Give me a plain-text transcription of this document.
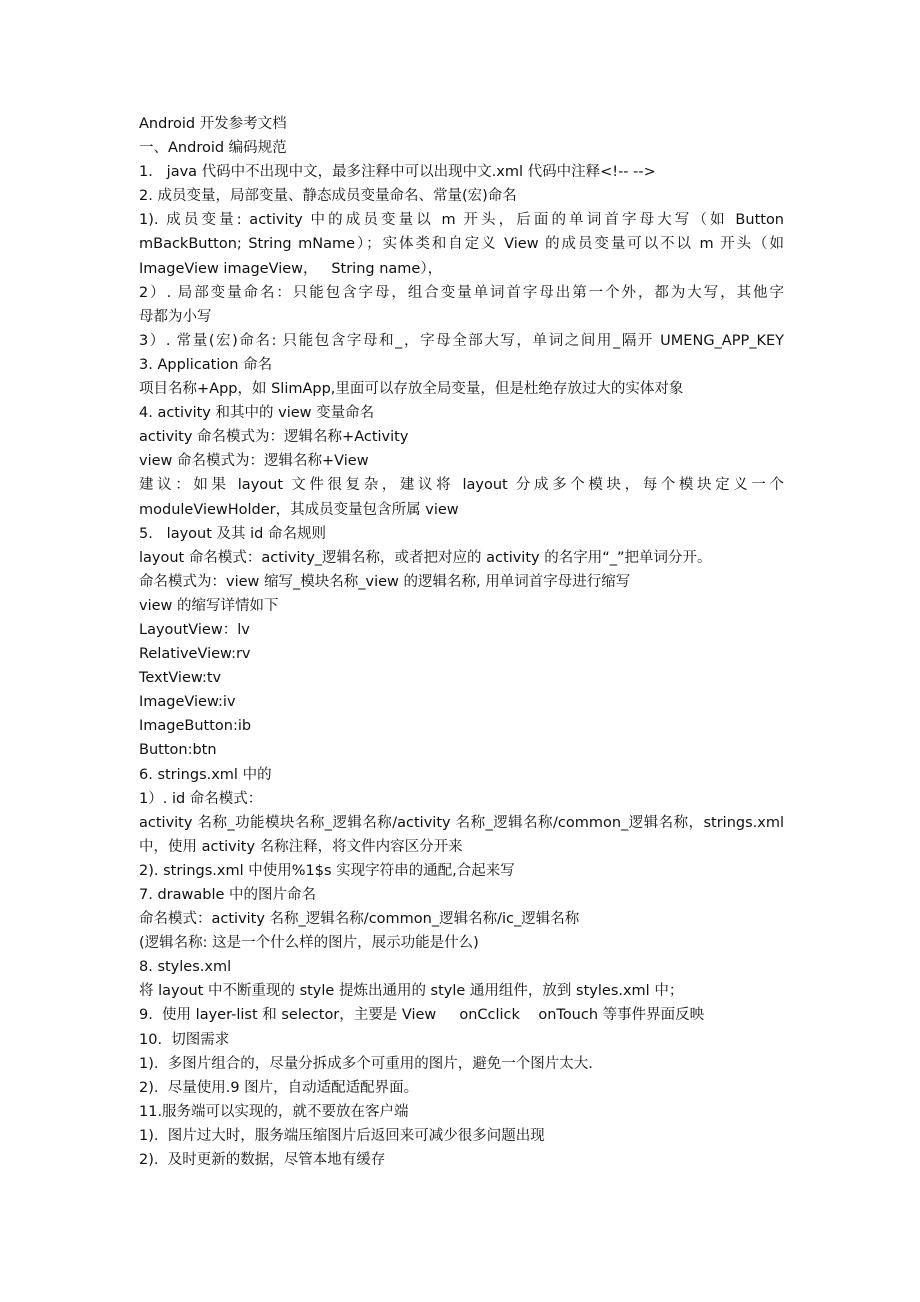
Android 开发参考文档
一、Android 编码规范
1.   java 代码中不出现中文，最多注释中可以出现中文.xml 代码中注释<!-- -->
2. 成员变量，局部变量、静态成员变量命名、常量(宏)命名
1). 成员变量: activity 中的成员变量以 m 开头，后面的单词首字母大写（如 Button
mBackButton; String mName）；实体类和自定义 View 的成员变量可以不以 m 开头（如
ImageView imageView，   String name），
2）. 局部变量命名：只能包含字母，组合变量单词首字母出第一个外，都为大写，其他字
母都为小写
3）. 常量(宏)命名: 只能包含字母和_，字母全部大写，单词之间用_隔开 UMENG_APP_KEY
3. Application 命名
项目名称+App，如 SlimApp,里面可以存放全局变量，但是杜绝存放过大的实体对象
4. activity 和其中的 view 变量命名
activity 命名模式为：逻辑名称+Activity
view 命名模式为：逻辑名称+View
建议：如果 layout 文件很复杂，建议将 layout 分成多个模块，每个模块定义一个
moduleViewHolder，其成员变量包含所属 view
5.   layout 及其 id 命名规则
layout 命名模式：activity_逻辑名称，或者把对应的 activity 的名字用“_”把单词分开。
命名模式为：view 缩写_模块名称_view 的逻辑名称, 用单词首字母进行缩写
view 的缩写详情如下
LayoutView：lv
RelativeView:rv
TextView:tv
ImageView:iv
ImageButton:ib
Button:btn
6. strings.xml 中的
1）. id 命名模式：
activity 名称_功能模块名称_逻辑名称/activity 名称_逻辑名称/common_逻辑名称，strings.xml
中，使用 activity 名称注释，将文件内容区分开来
2). strings.xml 中使用%1$s 实现字符串的通配,合起来写
7. drawable 中的图片命名
命名模式：activity 名称_逻辑名称/common_逻辑名称/ic_逻辑名称
(逻辑名称: 这是一个什么样的图片，展示功能是什么)
8. styles.xml
将 layout 中不断重现的 style 提炼出通用的 style 通用组件，放到 styles.xml 中；
9.  使用 layer-list 和 selector，主要是 View     onCclick    onTouch 等事件界面反映
10.  切图需求
1).  多图片组合的，尽量分拆成多个可重用的图片，避免一个图片太大.
2).  尽量使用.9 图片，自动适配适配界面。
11.服务端可以实现的，就不要放在客户端
1).  图片过大时，服务端压缩图片后返回来可减少很多问题出现
2).  及时更新的数据，尽管本地有缓存
